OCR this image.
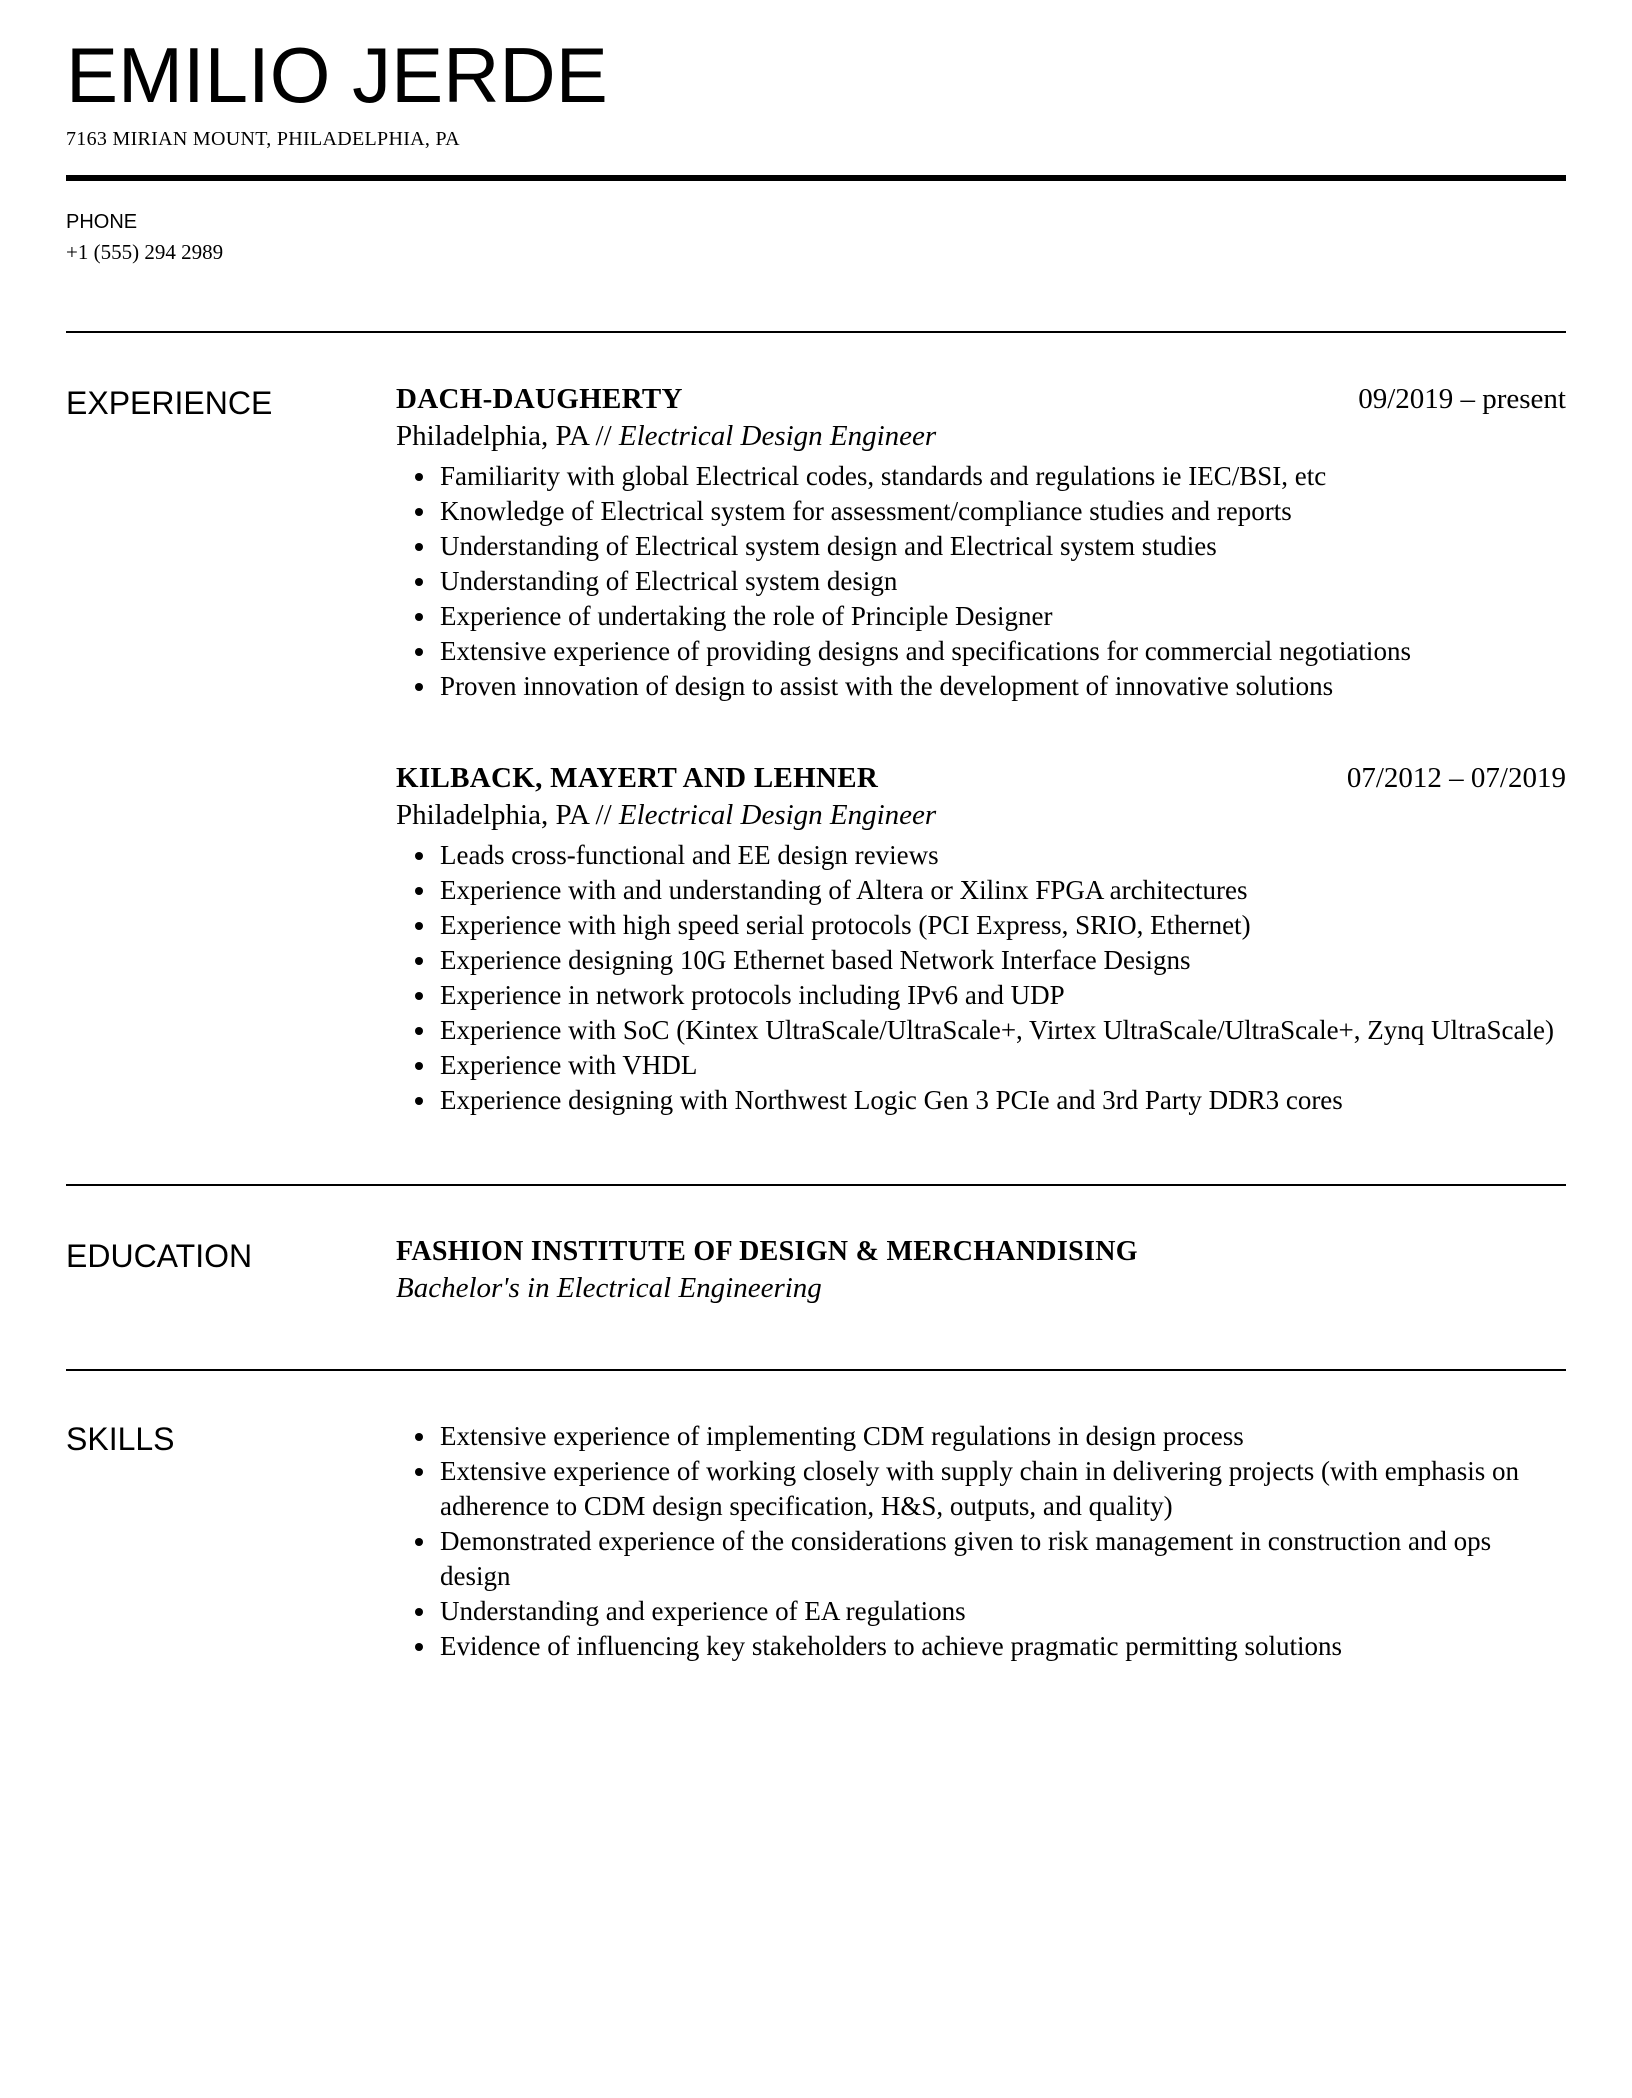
EMILIO JERDE
7163 MIRIAN MOUNT, PHILADELPHIA, PA
PHONE
+1 (555) 294 2989
EXPERIENCE	DACH-DAUGHERTY	09/2019 – present
Philadelphia, PA // Electrical Design Engineer
• Familiarity with global Electrical codes, standards and regulations ie IEC/BSI, etc
• Knowledge of Electrical system for assessment/compliance studies and reports
• Understanding of Electrical system design and Electrical system studies
• Understanding of Electrical system design
• Experience of undertaking the role of Principle Designer
• Extensive experience of providing designs and specifications for commercial negotiations
• Proven innovation of design to assist with the development of innovative solutions
KILBACK, MAYERT AND LEHNER	07/2012 – 07/2019
Philadelphia, PA // Electrical Design Engineer
• Leads cross-functional and EE design reviews
• Experience with and understanding of Altera or Xilinx FPGA architectures
• Experience with high speed serial protocols (PCI Express, SRIO, Ethernet)
• Experience designing 10G Ethernet based Network Interface Designs
• Experience in network protocols including IPv6 and UDP
• Experience with SoC (Kintex UltraScale/UltraScale+, Virtex UltraScale/UltraScale+, Zynq UltraScale)
• Experience with VHDL
• Experience designing with Northwest Logic Gen 3 PCIe and 3rd Party DDR3 cores
EDUCATION	FASHION INSTITUTE OF DESIGN & MERCHANDISING
Bachelor's in Electrical Engineering
SKILLS
•	Extensive experience of implementing CDM regulations in design process
• Extensive experience of working closely with supply chain in delivering projects (with emphasis on adherence to CDM design specification, H&S, outputs, and quality)
• Demonstrated experience of the considerations given to risk management in construction and ops design
• Understanding and experience of EA regulations
• Evidence of influencing key stakeholders to achieve pragmatic permitting solutions
